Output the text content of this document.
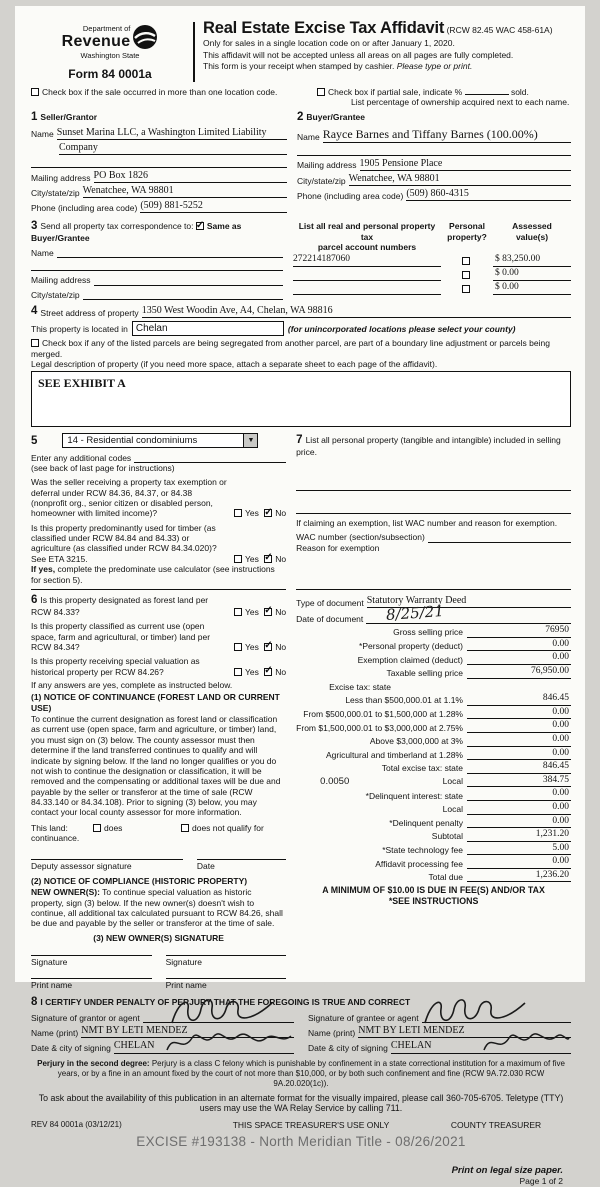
Department of
Revenue
Washington State
Form 84 0001a
Real Estate Excise Tax Affidavit (RCW 82.45 WAC 458-61A)
Only for sales in a single location code on or after January 1, 2020.
This affidavit will not be accepted unless all areas on all pages are fully completed.
This form is your receipt when stamped by cashier. Please type or print.
Check box if the sale occurred in more than one location code.	Check box if partial sale, indicate %	sold.
List percentage of ownership acquired next to each name.
1 Seller/Grantor
Name Sunset Marina LLC, a Washington Limited Liability
Company
Mailing address PO Box 1826
City/state/zip Wenatchee, WA 98801
Phone (including area code) (509) 881-5252
2 Buyer/Grantee
Name Rayce Barnes and Tiffany Barnes (100.00%)
Mailing address 1905 Pensione Place
City/state/zip Wenatchee, WA 98801
Phone (including area code) (509) 860-4315
3 Send all property tax correspondence to: ✓ Same as Buyer/Grantee
Name
Mailing address
City/state/zip
List all real and personal property tax
parcel account numbers
Personal
property?
Assessed
value(s)
272214187060	$ 83,250.00
$ 0.00
$ 0.00
4 Street address of property 1350 West Woodin Ave, A4, Chelan, WA 98816
This property is located in Chelan	(for unincorporated locations please select your county)
Check box if any of the listed parcels are being segregated from another parcel, are part of a boundary line adjustment or parcels being merged.
Legal description of property (if you need more space, attach a separate sheet to each page of the affidavit).
SEE EXHIBIT A
5	14 - Residential condominiums	▼
Enter any additional codes
(see back of last page for instructions)
Was the seller receiving a property tax exemption or deferral under RCW 84.36, 84.37, or 84.38 (nonprofit org., senior citizen or disabled person, homeowner with limited income)?	Yes ✓ No
Is this property predominantly used for timber (as classified under RCW 84.84 and 84.33) or agriculture (as classified under RCW 84.34.020)? See ETA 3215.	Yes ✓ No
If yes, complete the predominate use calculator (see instructions for section 5).
6 Is this property designated as forest land per RCW 84.33?	Yes ✓ No
Is this property classified as current use (open space, farm and agricultural, or timber) land per RCW 84.34?	Yes ✓ No
Is this property receiving special valuation as historical property per RCW 84.26?	Yes ✓ No
If any answers are yes, complete as instructed below.
(1) NOTICE OF CONTINUANCE (FOREST LAND OR CURRENT USE)
To continue the current designation as forest land or classification as current use (open space, farm and agriculture, or timber) land, you must sign on (3) below. The county assessor must then determine if the land transferred continues to qualify and will indicate by signing below. If the land no longer qualifies or you do not wish to continue the designation or classification, it will be removed and the compensating or additional taxes will be due and payable by the seller or transferor at the time of sale (RCW 84.33.140 or 84.34.108). Prior to signing (3) below, you may contact your local county assessor for more information.
This land:	does	does not qualify for
continuance.
Deputy assessor signature	Date
(2) NOTICE OF COMPLIANCE (HISTORIC PROPERTY)
NEW OWNER(S): To continue special valuation as historic property, sign (3) below. If the new owner(s) doesn't wish to continue, all additional tax calculated pursuant to RCW 84.26, shall be due and payable by the seller or transferor at the time of sale.
(3) NEW OWNER(S) SIGNATURE
Signature	Signature
Print name	Print name
7 List all personal property (tangible and intangible) included in selling price.
If claiming an exemption, list WAC number and reason for exemption.
WAC number (section/subsection)
Reason for exemption
Type of document Statutory Warranty Deed
Date of document 8/25/21
Gross selling price	76950
*Personal property (deduct)	0.00
Exemption claimed (deduct)	0.00
Taxable selling price	76,950.00
Excise tax: state
Less than $500,000.01 at 1.1%	846.45
From $500,000.01 to $1,500,000 at 1.28%	0.00
From $1,500,000.01 to $3,000,000 at 2.75%	0.00
Above $3,000,000 at 3%	0.00
Agricultural and timberland at 1.28%	0.00
Total excise tax: state	846.45
0.0050	Local	384.75
*Delinquent interest: state	0.00
Local	0.00
*Delinquent penalty	0.00
Subtotal	1,231.20
*State technology fee	5.00
Affidavit processing fee	0.00
Total due	1,236.20
A MINIMUM OF $10.00 IS DUE IN FEE(S) AND/OR TAX
*SEE INSTRUCTIONS
8 I CERTIFY UNDER PENALTY OF PERJURY THAT THE FOREGOING IS TRUE AND CORRECT
Signature of grantor or agent
Name (print) NMT BY LETI MENDEZ
Date & city of signing CHELAN
Signature of grantee or agent
Name (print) NMT BY LETI MENDEZ
Date & city of signing CHELAN
Perjury in the second degree: Perjury is a class C felony which is punishable by confinement in a state correctional institution for a maximum of five years, or by a fine in an amount fixed by the court of not more than $10,000, or by both such confinement and fine (RCW 9A.72.030 RCW 9A.20.020(1c)).
To ask about the availability of this publication in an alternate format for the visually impaired, please call 360-705-6705. Teletype (TTY) users may use the WA Relay Service by calling 711.
REV 84 0001a (03/12/21)	THIS SPACE TREASURER'S USE ONLY	COUNTY TREASURER
EXCISE #193138 - North Meridian Title - 08/26/2021
Print on legal size paper.
Page 1 of 2
